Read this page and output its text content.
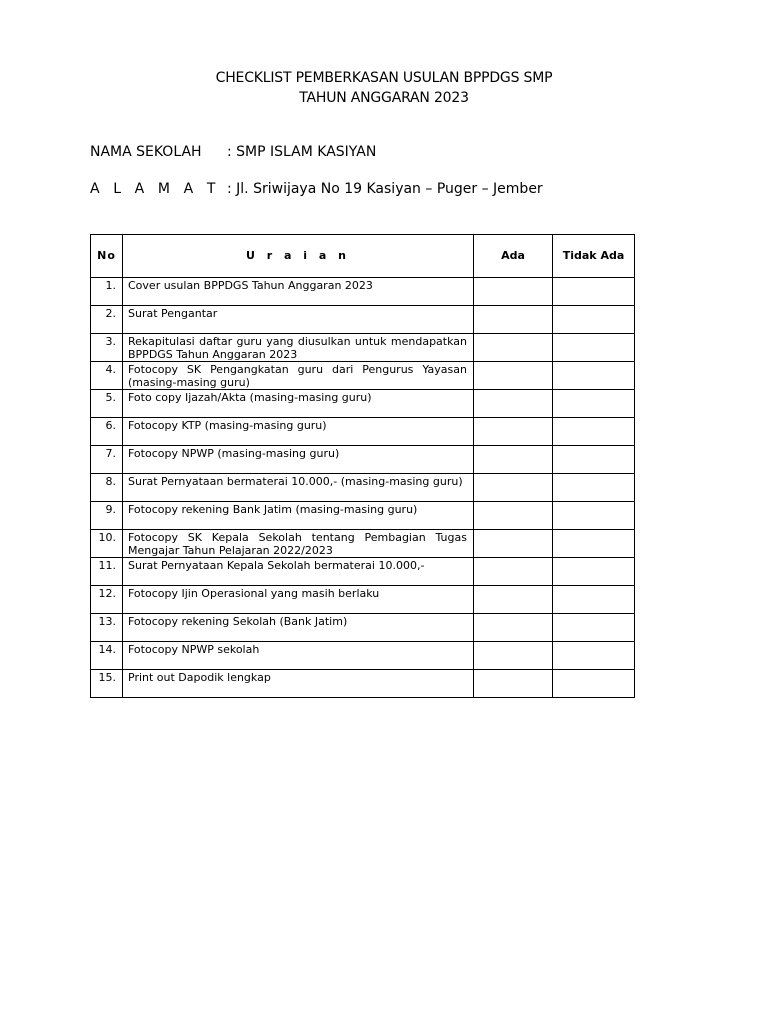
CHECKLIST PEMBERKASAN USULAN BPPDGS SMP
TAHUN ANGGARAN 2023
NAMA SEKOLAH : SMP ISLAM KASIYAN
A L A M A T : Jl. Sriwijaya No 19 Kasiyan – Puger – Jember
No	U r a i a n	Ada	Tidak Ada
1.	Cover usulan BPPDGS Tahun Anggaran 2023		
2.	Surat Pengantar		
3.	Rekapitulasi daftar guru yang diusulkan untuk mendapatkan BPPDGS Tahun Anggaran 2023		
4.	Fotocopy SK Pengangkatan guru dari Pengurus Yayasan (masing-masing guru)		
5.	Foto copy Ijazah/Akta (masing-masing guru)		
6.	Fotocopy KTP (masing-masing guru)		
7.	Fotocopy NPWP (masing-masing guru)		
8.	Surat Pernyataan bermaterai 10.000,- (masing-masing guru)		
9.	Fotocopy rekening Bank Jatim (masing-masing guru)		
10.	Fotocopy SK Kepala Sekolah tentang Pembagian Tugas Mengajar Tahun Pelajaran 2022/2023		
11.	Surat Pernyataan Kepala Sekolah bermaterai 10.000,-		
12.	Fotocopy Ijin Operasional yang masih berlaku		
13.	Fotocopy rekening Sekolah (Bank Jatim)		
14.	Fotocopy NPWP sekolah		
15.	Print out Dapodik lengkap		
